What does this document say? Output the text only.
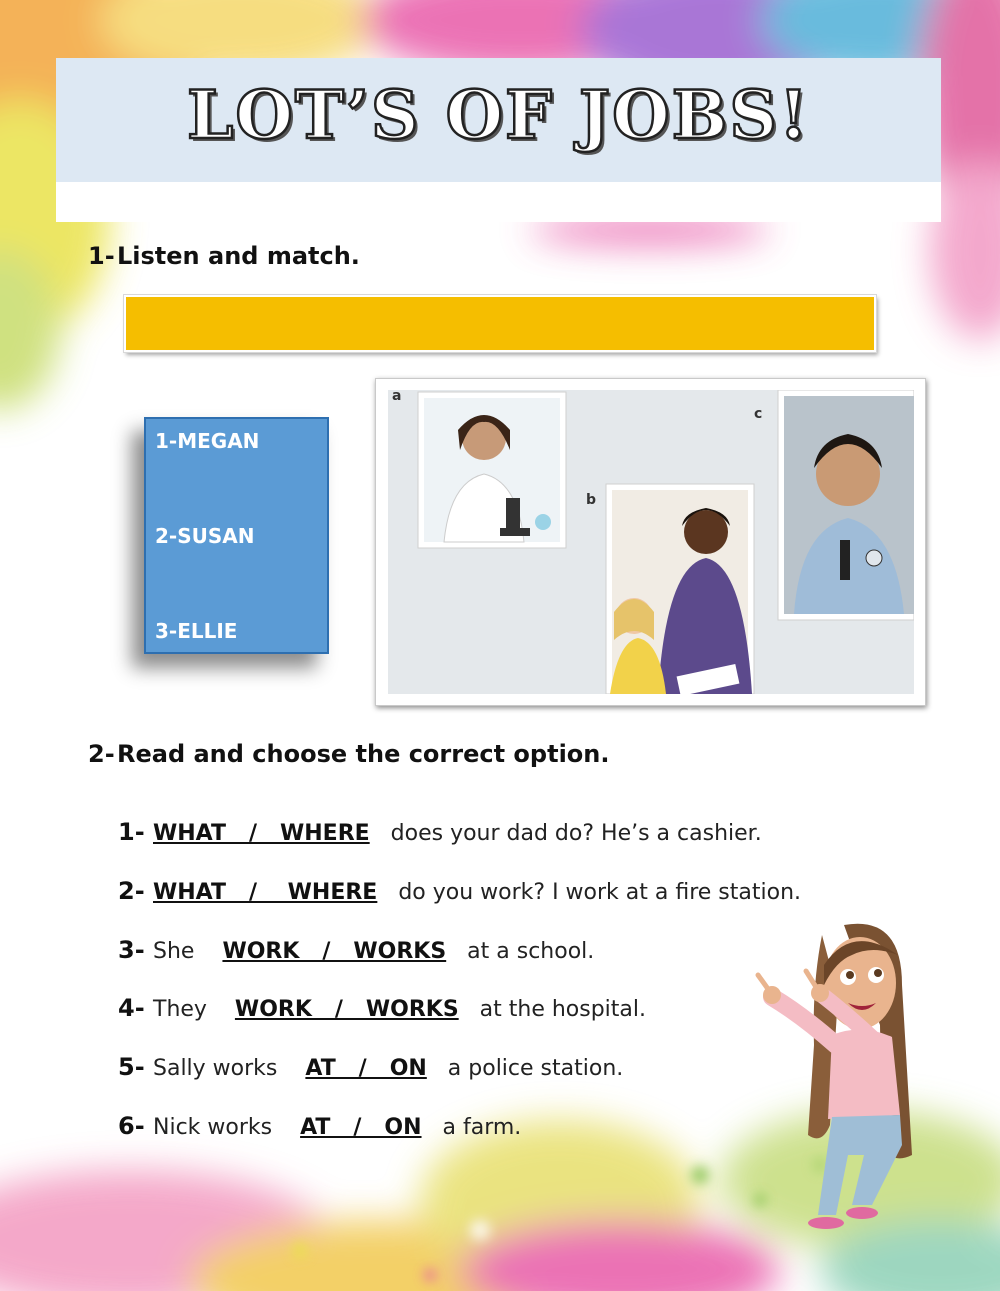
LOT’S OF JOBS!
1-Listen and match.
1-MEGAN
2-SUSAN
3-ELLIE
a
b
c
2-Read and choose the correct option.
1- WHAT   /   WHERE does your dad do? He’s a cashier.
2- WHAT   /    WHERE do you work? I work at a fire station.
3- She WORK   /   WORKS at a school.
4- They WORK   /   WORKS at the hospital.
5- Sally works AT   /   ON a police station.
6- Nick works AT   /   ON a farm.
